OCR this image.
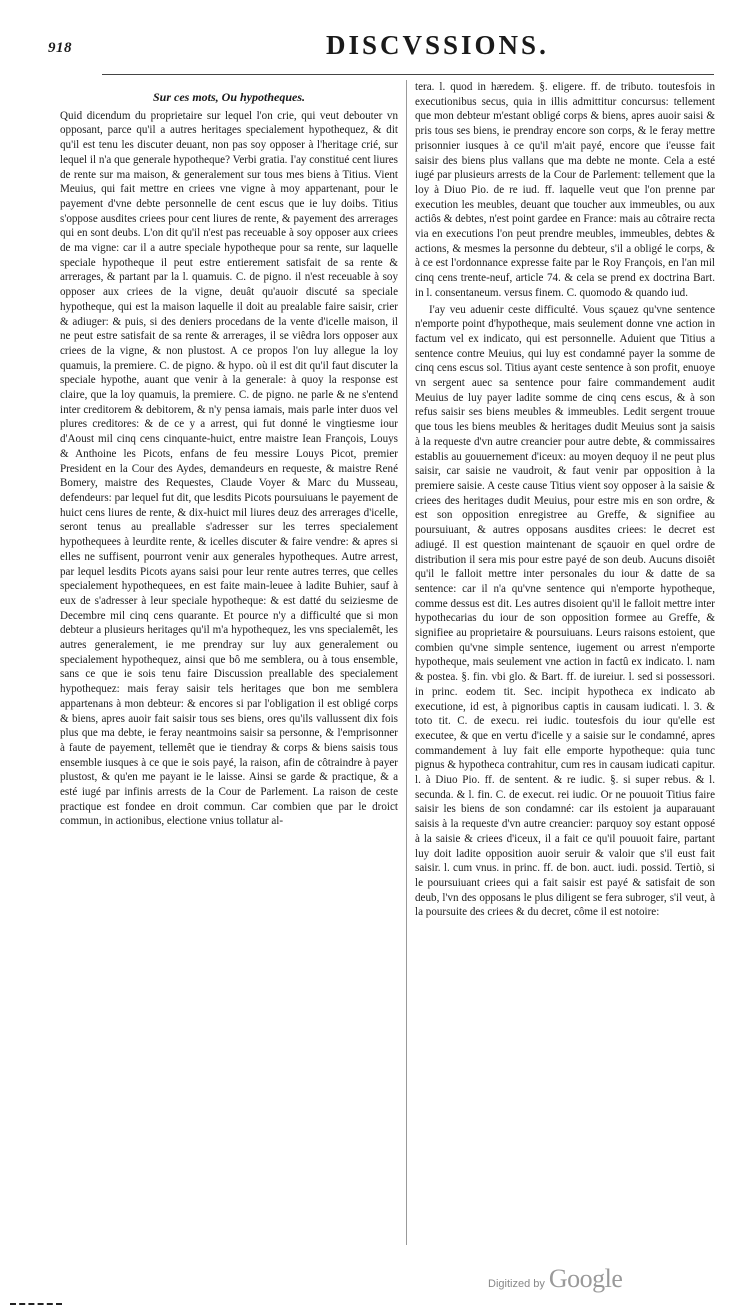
918	DISCVSSIONS.

Sur ces mots, Ou hypotheques.

Quid dicendum du proprietaire sur lequel l'on crie, qui veut debouter vn opposant, parce qu'il a autres heritages specialement hypothequez, & dit qu'il est tenu les discuter deuant, non pas soy opposer à l'heritage crié, sur lequel il n'a que generale hypotheque? Verbi gratia. I'ay constitué cent liures de rente sur ma maison, & generalement sur tous mes biens à Titius. Vient Meuius, qui fait mettre en criees vne vigne à moy appartenant, pour le payement d'vne debte personnelle de cent escus que ie luy doibs. Titius s'oppose ausdites criees pour cent liures de rente, & payement des arrerages qui en sont deubs. L'on dit qu'il n'est pas receuable à soy opposer aux criees de ma vigne: car il a autre speciale hypotheque pour sa rente, sur laquelle speciale hypotheque il peut estre entierement satisfait de sa rente & arrerages, & partant par la l. quamuis. C. de pigno. il n'est receuable à soy opposer aux criees de la vigne, deuât qu'auoir discuté sa speciale hypotheque, qui est la maison laquelle il doit au prealable faire saisir, crier & adiuger: & puis, si des deniers procedans de la vente d'icelle maison, il ne peut estre satisfait de sa rente & arrerages, il se viêdra lors opposer aux criees de la vigne, & non plustost. A ce propos l'on luy allegue la loy quamuis, la premiere. C. de pigno. & hypo. où il est dit qu'il faut discuter la speciale hypothe, auant que venir à la generale: à quoy la response est claire, que la loy quamuis, la premiere. C. de pigno. ne parle & ne s'entend inter creditorem & debitorem, & n'y pensa iamais, mais parle inter duos vel plures creditores: & de ce y a arrest, qui fut donné le vingtiesme iour d'Aoust mil cinq cens cinquante-huict, entre maistre Iean François, Louys & Anthoine les Picots, enfans de feu messire Louys Picot, premier President en la Cour des Aydes, demandeurs en requeste, & maistre René Bomery, maistre des Requestes, Claude Voyer & Marc du Musseau, defendeurs: par lequel fut dit, que lesdits Picots poursuiuans le payement de huict cens liures de rente, & dix-huict mil liures deuz des arrerages d'icelle, seront tenus au preallable s'adresser sur les terres specialement hypothequees à leurdite rente, & icelles discuter & faire vendre: & apres si elles ne suffisent, pourront venir aux generales hypotheques. Autre arrest, par lequel lesdits Picots ayans saisi pour leur rente autres terres, que celles specialement hypothequees, en est faite main-leuee à ladite Buhier, sauf à eux de s'adresser à leur speciale hypotheque: & est datté du seiziesme de Decembre mil cinq cens quarante. Et pource n'y a difficulté que si mon debteur a plusieurs heritages qu'il m'a hypothequez, les vns specialemêt, les autres generalement, ie me prendray sur luy aux generalement ou specialement hypothequez, ainsi que bô me semblera, ou à tous ensemble, sans ce que ie sois tenu faire Discussion preallable des specialement hypothequez: mais feray saisir tels heritages que bon me semblera appartenans à mon debteur: & encores si par l'obligation il est obligé corps & biens, apres auoir fait saisir tous ses biens, ores qu'ils vallussent dix fois plus que ma debte, ie feray neantmoins saisir sa personne, & l'emprisonner à faute de payement, tellemêt que ie tiendray & corps & biens saisis tous ensemble iusques à ce que ie sois payé, la raison, afin de côtraindre à payer plustost, & qu'en me payant ie le laisse. Ainsi se garde & practique, & a esté iugé par infinis arrests de la Cour de Parlement. La raison de ceste practique est fondee en droit commun. Car combien que par le droict commun, in actionibus, electione vnius tollatur al-

tera. l. quod in hæredem. §. eligere. ff. de tributo. toutesfois in executionibus secus, quia in illis admittitur concursus: tellement que mon debteur m'estant obligé corps & biens, apres auoir saisi & pris tous ses biens, ie prendray encore son corps, & le feray mettre prisonnier iusques à ce qu'il m'ait payé, encore que i'eusse fait saisir des biens plus vallans que ma debte ne monte. Cela a esté iugé par plusieurs arrests de la Cour de Parlement: tellement que la loy à Diuo Pio. de re iud. ff. laquelle veut que l'on prenne par execution les meubles, deuant que toucher aux immeubles, ou aux actiôs & debtes, n'est point gardee en France: mais au côtraire recta via en executions l'on peut prendre meubles, immeubles, debtes & actions, & mesmes la personne du debteur, s'il a obligé le corps, & à ce est l'ordonnance expresse faite par le Roy François, en l'an mil cinq cens trente-neuf, article 74. & cela se prend ex doctrina Bart. in l. consentaneum. versus finem. C. quomodo & quando iud.

I'ay veu aduenir ceste difficulté. Vous sçauez qu'vne sentence n'emporte point d'hypotheque, mais seulement donne vne action in factum vel ex indicato, qui est personnelle. Aduient que Titius a sentence contre Meuius, qui luy est condamné payer la somme de cinq cens escus sol. Titius ayant ceste sentence à son profit, enuoye vn sergent auec sa sentence pour faire commandement audit Meuius de luy payer ladite somme de cinq cens escus, & à son refus saisir ses biens meubles & immeubles. Ledit sergent trouue que tous les biens meubles & heritages dudit Meuius sont ja saisis à la requeste d'vn autre creancier pour autre debte, & commissaires establis au gouuernement d'iceux: au moyen dequoy il ne peut plus saisir, car saisie ne vaudroit, & faut venir par opposition à la premiere saisie. A ceste cause Titius vient soy opposer à la saisie & criees des heritages dudit Meuius, pour estre mis en son ordre, & est son opposition enregistree au Greffe, & signifiee au poursuiuant, & autres opposans ausdites criees: le decret est adiugé. Il est question maintenant de sçauoir en quel ordre de distribution il sera mis pour estre payé de son deub. Aucuns disoiêt qu'il le falloit mettre inter personales du iour & datte de sa sentence: car il n'a qu'vne sentence qui n'emporte hypotheque, comme dessus est dit. Les autres disoient qu'il le falloit mettre inter hypothecarias du iour de son opposition formee au Greffe, & signifiee au proprietaire & poursuiuans. Leurs raisons estoient, que combien qu'vne simple sentence, iugement ou arrest n'emporte hypotheque, mais seulement vne action in factû ex indicato. l. nam & postea. §. fin. vbi glo. & Bart. ff. de iureiur. l. sed si possessori. in princ. eodem tit. Sec. incipit hypotheca ex indicato ab executione, id est, à pignoribus captis in causam iudicati. l. 3. & toto tit. C. de execu. rei iudic. toutesfois du iour qu'elle est executee, & que en vertu d'icelle y a saisie sur le condamné, apres commandement à luy fait elle emporte hypotheque: quia tunc pignus & hypotheca contrahitur, cum res in causam iudicati capitur. l. à Diuo Pio. ff. de sentent. & re iudic. §. si super rebus. & l. secunda. & l. fin. C. de execut. rei iudic. Or ne pouuoit Titius faire saisir les biens de son condamné: car ils estoient ja auparauant saisis à la requeste d'vn autre creancier: parquoy soy estant opposé à la saisie & criees d'iceux, il a fait ce qu'il pouuoit faire, partant luy doit ladite opposition auoir seruir & valoir que s'il eust fait saisir. l. cum vnus. in princ. ff. de bon. auct. iudi. possid. Tertiò, si le poursuiuant criees qui a fait saisir est payé & satisfait de son deub, l'vn des opposans le plus diligent se fera subroger, s'il veut, à la poursuite des criees & du decret, côme il est notoire:

Digitized by Google
